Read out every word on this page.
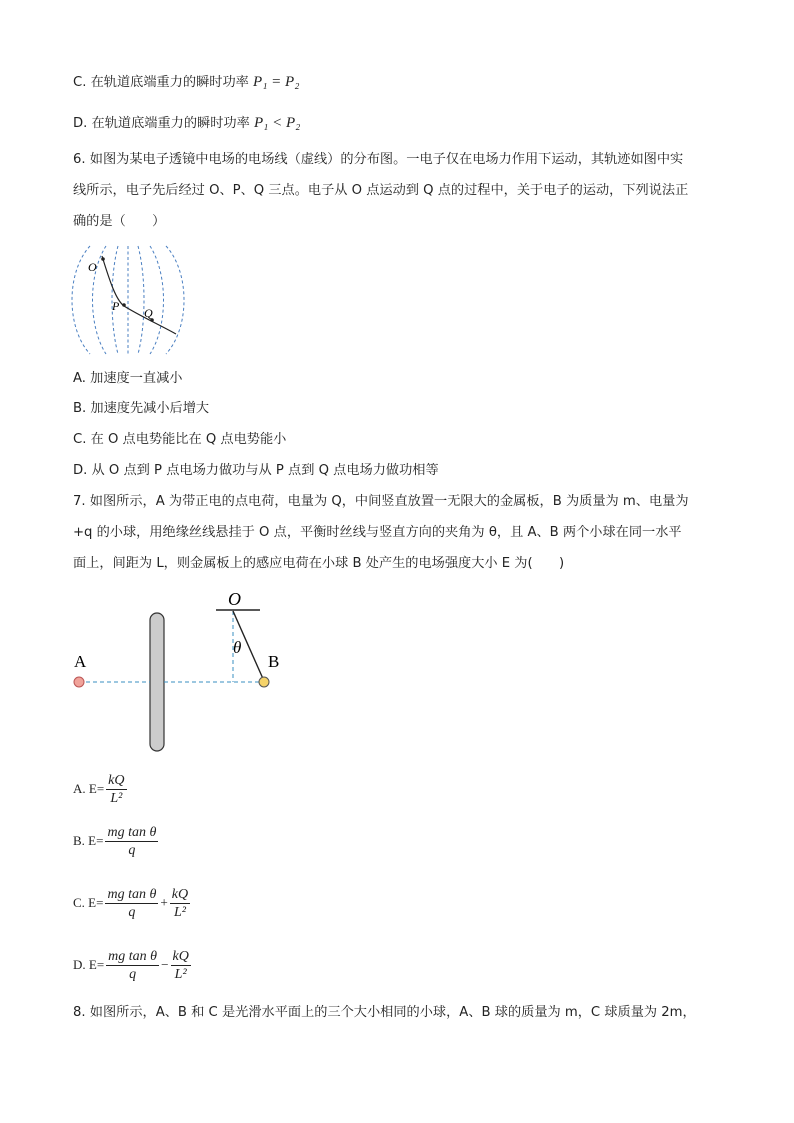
C. 在轨道底端重力的瞬时功率 P₁ = P₂
D. 在轨道底端重力的瞬时功率 P₁ < P₂
6. 如图为某电子透镜中电场的电场线（虚线）的分布图。一电子仅在电场力作用下运动，其轨迹如图中实
线所示，电子先后经过 O、P、Q 三点。电子从 O 点运动到 Q 点的过程中，关于电子的运动，下列说法正
确的是（　　）
O
P Q
A. 加速度一直减小
B. 加速度先减小后增大
C. 在 O 点电势能比在 Q 点电势能小
D. 从 O 点到 P 点电场力做功与从 P 点到 Q 点电场力做功相等
7. 如图所示，A 为带正电的点电荷，电量为 Q，中间竖直放置一无限大的金属板，B 为质量为 m、电量为
+q 的小球，用绝缘丝线悬挂于 O 点，平衡时丝线与竖直方向的夹角为 θ，且 A、B 两个小球在同一水平
面上，间距为 L，则金属板上的感应电荷在小球 B 处产生的电场强度大小 E 为(　　)
O
θ
A	B
A. $E= \frac{kQ}{\text{L²}}$
B. $E= \frac{\text{mg tan θ}}{q}$
C. $E= \frac{\text{mg tan θ}}{q} + \frac{kQ}{\text{L²}}$
D. $E= \frac{\text{mg tan θ}}{q} - \frac{kQ}{\text{L²}}$
8. 如图所示，A、B 和 C 是光滑水平面上的三个大小相同的小球，A、B 球的质量为 m，C 球质量为 2m，
